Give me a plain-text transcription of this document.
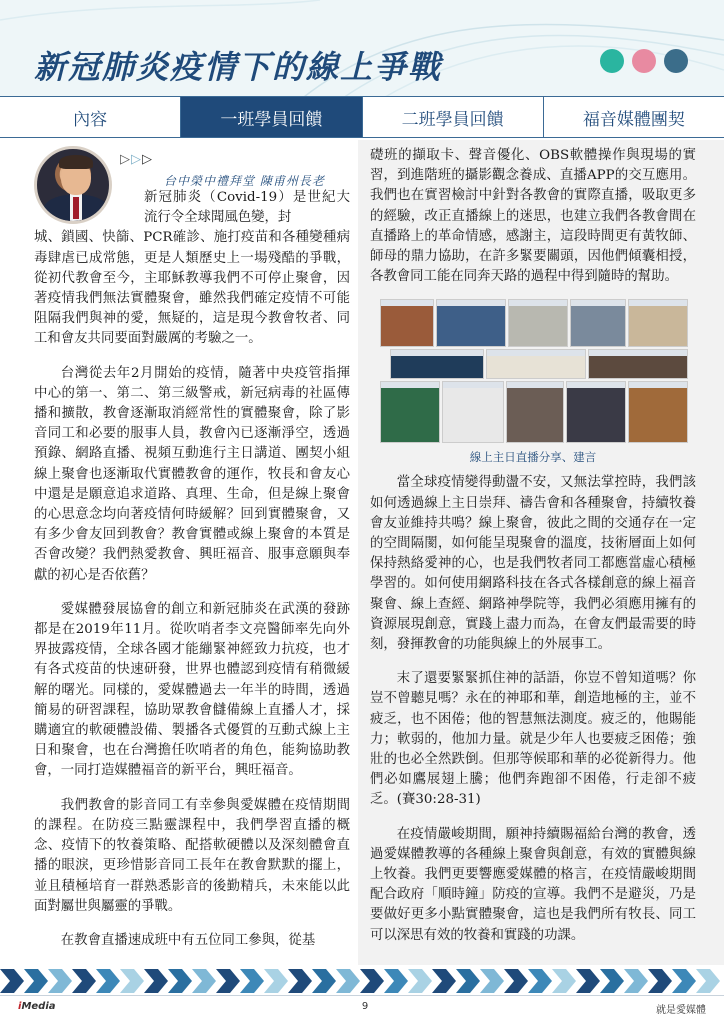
新冠肺炎疫情下的線上爭戰
內容	一班學員回饋	二班學員回饋	福音媒體團契
▷▷▷
台中榮中禮拜堂 陳甫州長老

新冠肺炎（Covid-19）是世紀大流行令全球聞風色變，封

城、鎖國、快篩、PCR確診、施打疫苗和各種變種病毒肆虐已成常態，更是人類歷史上一場殘酷的爭戰，從初代教會至今，主耶穌教導我們不可停止聚會，因著疫情我們無法實體聚會，雖然我們確定疫情不可能阻隔我們與神的愛，無疑的，這是現今教會牧者、同工和會友共同要面對嚴厲的考驗之一。

台灣從去年2月開始的疫情，隨著中央疫管指揮中心的第一、第二、第三級警戒，新冠病毒的社區傳播和擴散，教會逐漸取消經常性的實體聚會，除了影音同工和必要的服事人員，教會內已逐漸淨空，透過預錄、網路直播、視頻互動進行主日講道、團契小組線上聚會也逐漸取代實體教會的運作，牧長和會友心中還是是願意追求道路、真理、生命，但是線上聚會的心思意念均向著疫情何時緩解？回到實體聚會，又有多少會友回到教會？教會實體或線上聚會的本質是否會改變？我們熱愛教會、興旺福音、服事意願與奉獻的初心是否依舊？

愛媒體發展協會的創立和新冠肺炎在武漢的發跡都是在2019年11月。從吹哨者李文亮醫師率先向外界披露疫情，全球各國才能繃緊神經致力抗疫，也才有各式疫苗的快速研發，世界也體認到疫情有稍微緩解的曙光。同樣的，愛媒體過去一年半的時間，透過簡易的研習課程，協助眾教會讎備線上直播人才，採購適宜的軟硬體設備、製播各式優質的互動式線上主日和聚會，也在台灣擔任吹哨者的角色，能夠協助教會，一同打造媒體福音的新平台，興旺福音。

我們教會的影音同工有幸參與愛媒體在疫情期間的課程。在防疫三點靈課程中，我們學習直播的概念、疫情下的牧養策略、配搭軟硬體以及深刻體會直播的眼淚，更珍惜影音同工長年在教會默默的擺上，並且積極培育一群熟悉影音的後勤精兵，未來能以此面對屬世與屬靈的爭戰。

在教會直播速成班中有五位同工參與，從基

礎班的擷取卡、聲音優化、OBS軟體操作與現場的實習，到進階班的攝影觀念養成、直播APP的交互應用。我們也在實習檢討中針對各教會的實際直播，吸取更多的經驗，改正直播線上的迷思，也建立我們各教會間在直播路上的革命情感，感謝主，這段時間更有黃牧師、師母的鼎力協助，在許多緊要關頭，因他們傾囊相授，各教會同工能在同奔天路的過程中得到隨時的幫助。

線上主日直播分享、建言

當全球疫情變得動盪不安，又無法掌控時，我們該如何透過線上主日崇拜、禱告會和各種聚會，持續牧養會友並維持共鳴？線上聚會，彼此之間的交通存在一定的空間隔閡，如何能呈現聚會的溫度，技術層面上如何保持熱絡愛神的心，也是我們牧者同工都應當虛心積極學習的。如何使用網路科技在各式各樣創意的線上福音聚會、線上查經、網路神學院等，我們必須應用擁有的資源展現創意，實踐上盡力而為，在會友們最需要的時刻，發揮教會的功能與線上的外展事工。

末了還要緊緊抓住神的話語，你豈不曾知道嗎？你豈不曾聽見嗎？永在的神耶和華，創造地極的主，並不疲乏，也不困倦；他的智慧無法測度。疲乏的，他賜能力；軟弱的，他加力量。就是少年人也要疲乏困倦；強壯的也必全然跌倒。但那等候耶和華的必從新得力。他們必如鷹展翅上騰；他們奔跑卻不困倦，行走卻不疲乏。(賽30:28-31)

在疫情嚴峻期間，願神持續賜福給台灣的教會，透過愛媒體教導的各種線上聚會與創意，有效的實體與線上牧養。我們更要響應愛媒體的格言，在疫情嚴峻期間配合政府「順時鐘」防疫的宣導。我們不是避災，乃是要做好更多小點實體聚會，這也是我們所有牧長、同工可以深思有效的牧養和實踐的功課。

iMedia	9	就是愛媒體
